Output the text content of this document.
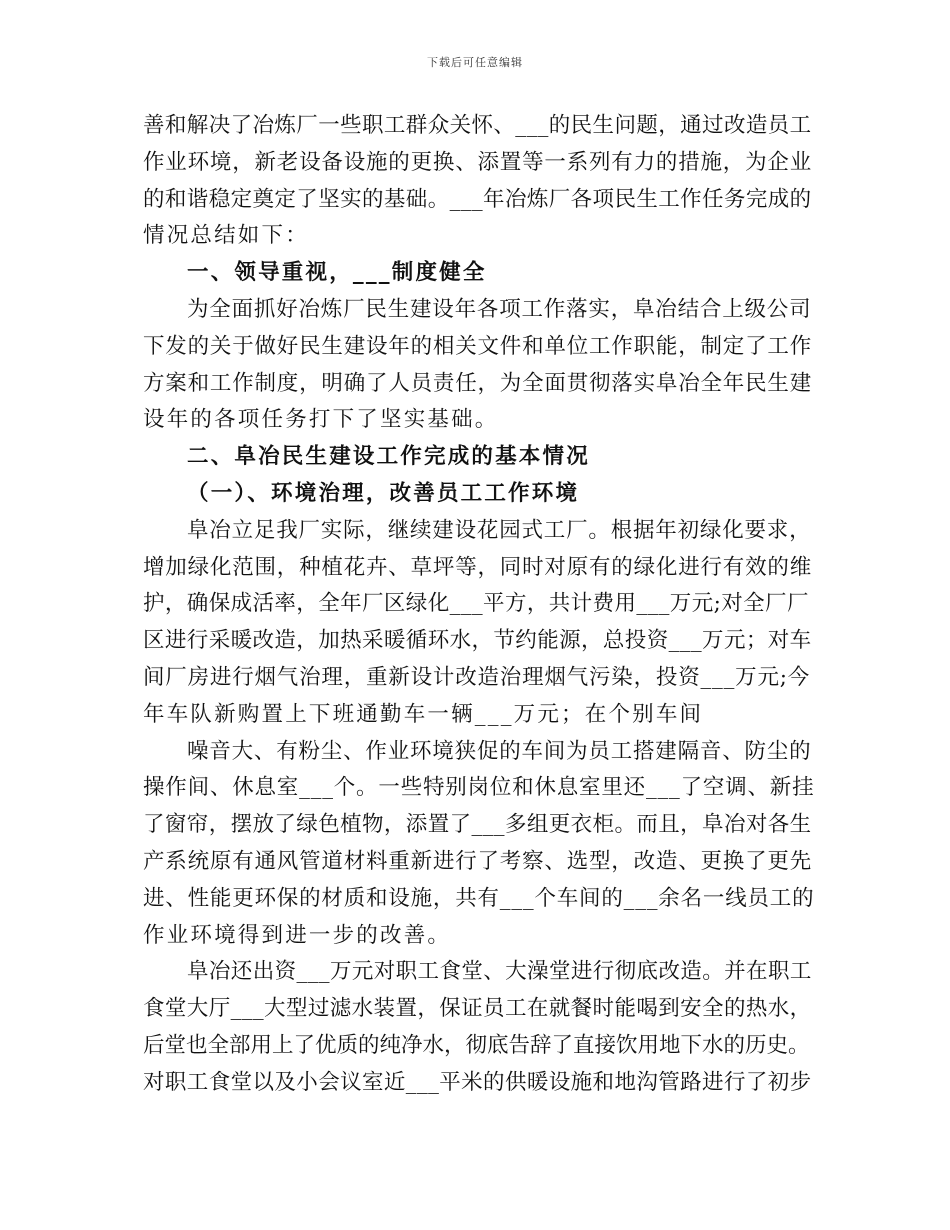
下载后可任意编辑
善和解决了冶炼厂一些职工群众关怀、___的民生问题，通过改造员工
作业环境，新老设备设施的更换、添置等一系列有力的措施，为企业
的和谐稳定奠定了坚实的基础。___年冶炼厂各项民生工作任务完成的
情况总结如下：
一、领导重视，___制度健全
为全面抓好冶炼厂民生建设年各项工作落实，阜冶结合上级公司
下发的关于做好民生建设年的相关文件和单位工作职能，制定了工作
方案和工作制度，明确了人员责任，为全面贯彻落实阜冶全年民生建
设年的各项任务打下了坚实基础。
二、阜冶民生建设工作完成的基本情况
（一）、环境治理，改善员工工作环境
阜冶立足我厂实际，继续建设花园式工厂。根据年初绿化要求，
增加绿化范围，种植花卉、草坪等，同时对原有的绿化进行有效的维
护，确保成活率，全年厂区绿化___平方，共计费用___万元;对全厂厂
区进行采暖改造，加热采暖循环水，节约能源，总投资___万元；对车
间厂房进行烟气治理，重新设计改造治理烟气污染，投资___万元;今
年车队新购置上下班通勤车一辆___万元；在个别车间
噪音大、有粉尘、作业环境狭促的车间为员工搭建隔音、防尘的
操作间、休息室___个。一些特别岗位和休息室里还___了空调、新挂
了窗帘，摆放了绿色植物，添置了___多组更衣柜。而且，阜冶对各生
产系统原有通风管道材料重新进行了考察、选型，改造、更换了更先
进、性能更环保的材质和设施，共有___个车间的___余名一线员工的
作业环境得到进一步的改善。
阜冶还出资___万元对职工食堂、大澡堂进行彻底改造。并在职工
食堂大厅___大型过滤水装置，保证员工在就餐时能喝到安全的热水，
后堂也全部用上了优质的纯净水，彻底告辞了直接饮用地下水的历史。
对职工食堂以及小会议室近___平米的供暖设施和地沟管路进行了初步
